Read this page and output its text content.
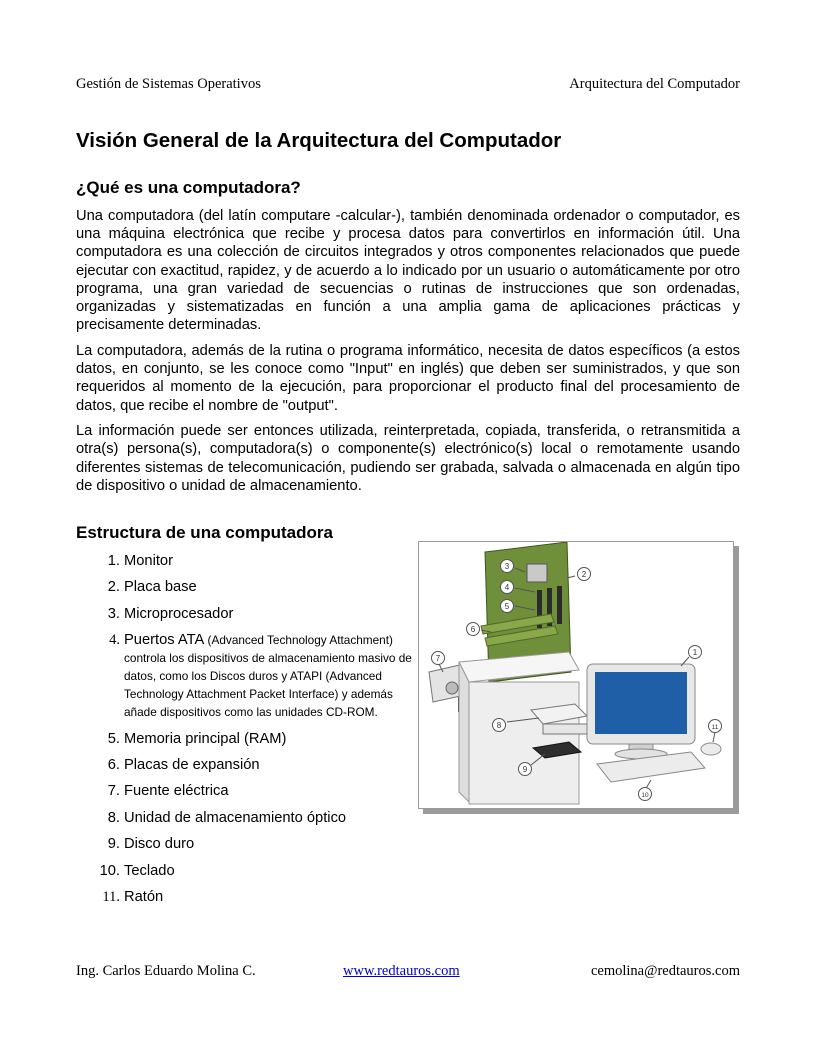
Gestión de Sistemas Operativos	Arquitectura del Computador
Visión General de la Arquitectura del Computador
¿Qué es una computadora?

Una computadora (del latín computare -calcular-), también denominada ordenador o computador, es una máquina electrónica que recibe y procesa datos para convertirlos en información útil. Una computadora es una colección de circuitos integrados y otros componentes relacionados que puede ejecutar con exactitud, rapidez, y de acuerdo a lo indicado por un usuario o automáticamente por otro programa, una gran variedad de secuencias o rutinas de instrucciones que son ordenadas, organizadas y sistematizadas en función a una amplia gama de aplicaciones prácticas y precisamente determinadas.

La computadora, además de la rutina o programa informático, necesita de datos específicos (a estos datos, en conjunto, se les conoce como "Input" en inglés) que deben ser suministrados, y que son requeridos al momento de la ejecución, para proporcionar el producto final del procesamiento de datos, que recibe el nombre de "output".

La información puede ser entonces utilizada, reinterpretada, copiada, transferida, o retransmitida a otra(s) persona(s), computadora(s) o componente(s) electrónico(s) local o remotamente usando diferentes sistemas de telecomunicación, pudiendo ser grabada, salvada o almacenada en algún tipo de dispositivo o unidad de almacenamiento.

Estructura de una computadora
1. Monitor
2. Placa base
3. Microprocesador
4. Puertos ATA (Advanced Technology Attachment) controla los dispositivos de almacenamiento masivo de datos, como los Discos duros y ATAPI (Advanced Technology Attachment Packet Interface) y además añade dispositivos como las unidades CD-ROM.
5. Memoria principal (RAM)
6. Placas de expansión
7. Fuente eléctrica
8. Unidad de almacenamiento óptico
9. Disco duro
10. Teclado
11. Ratón
1
2
3
4
5
6
7
8
9
10
11
Ing. Carlos Eduardo Molina C.	www.redtauros.com	cemolina@redtauros.com
